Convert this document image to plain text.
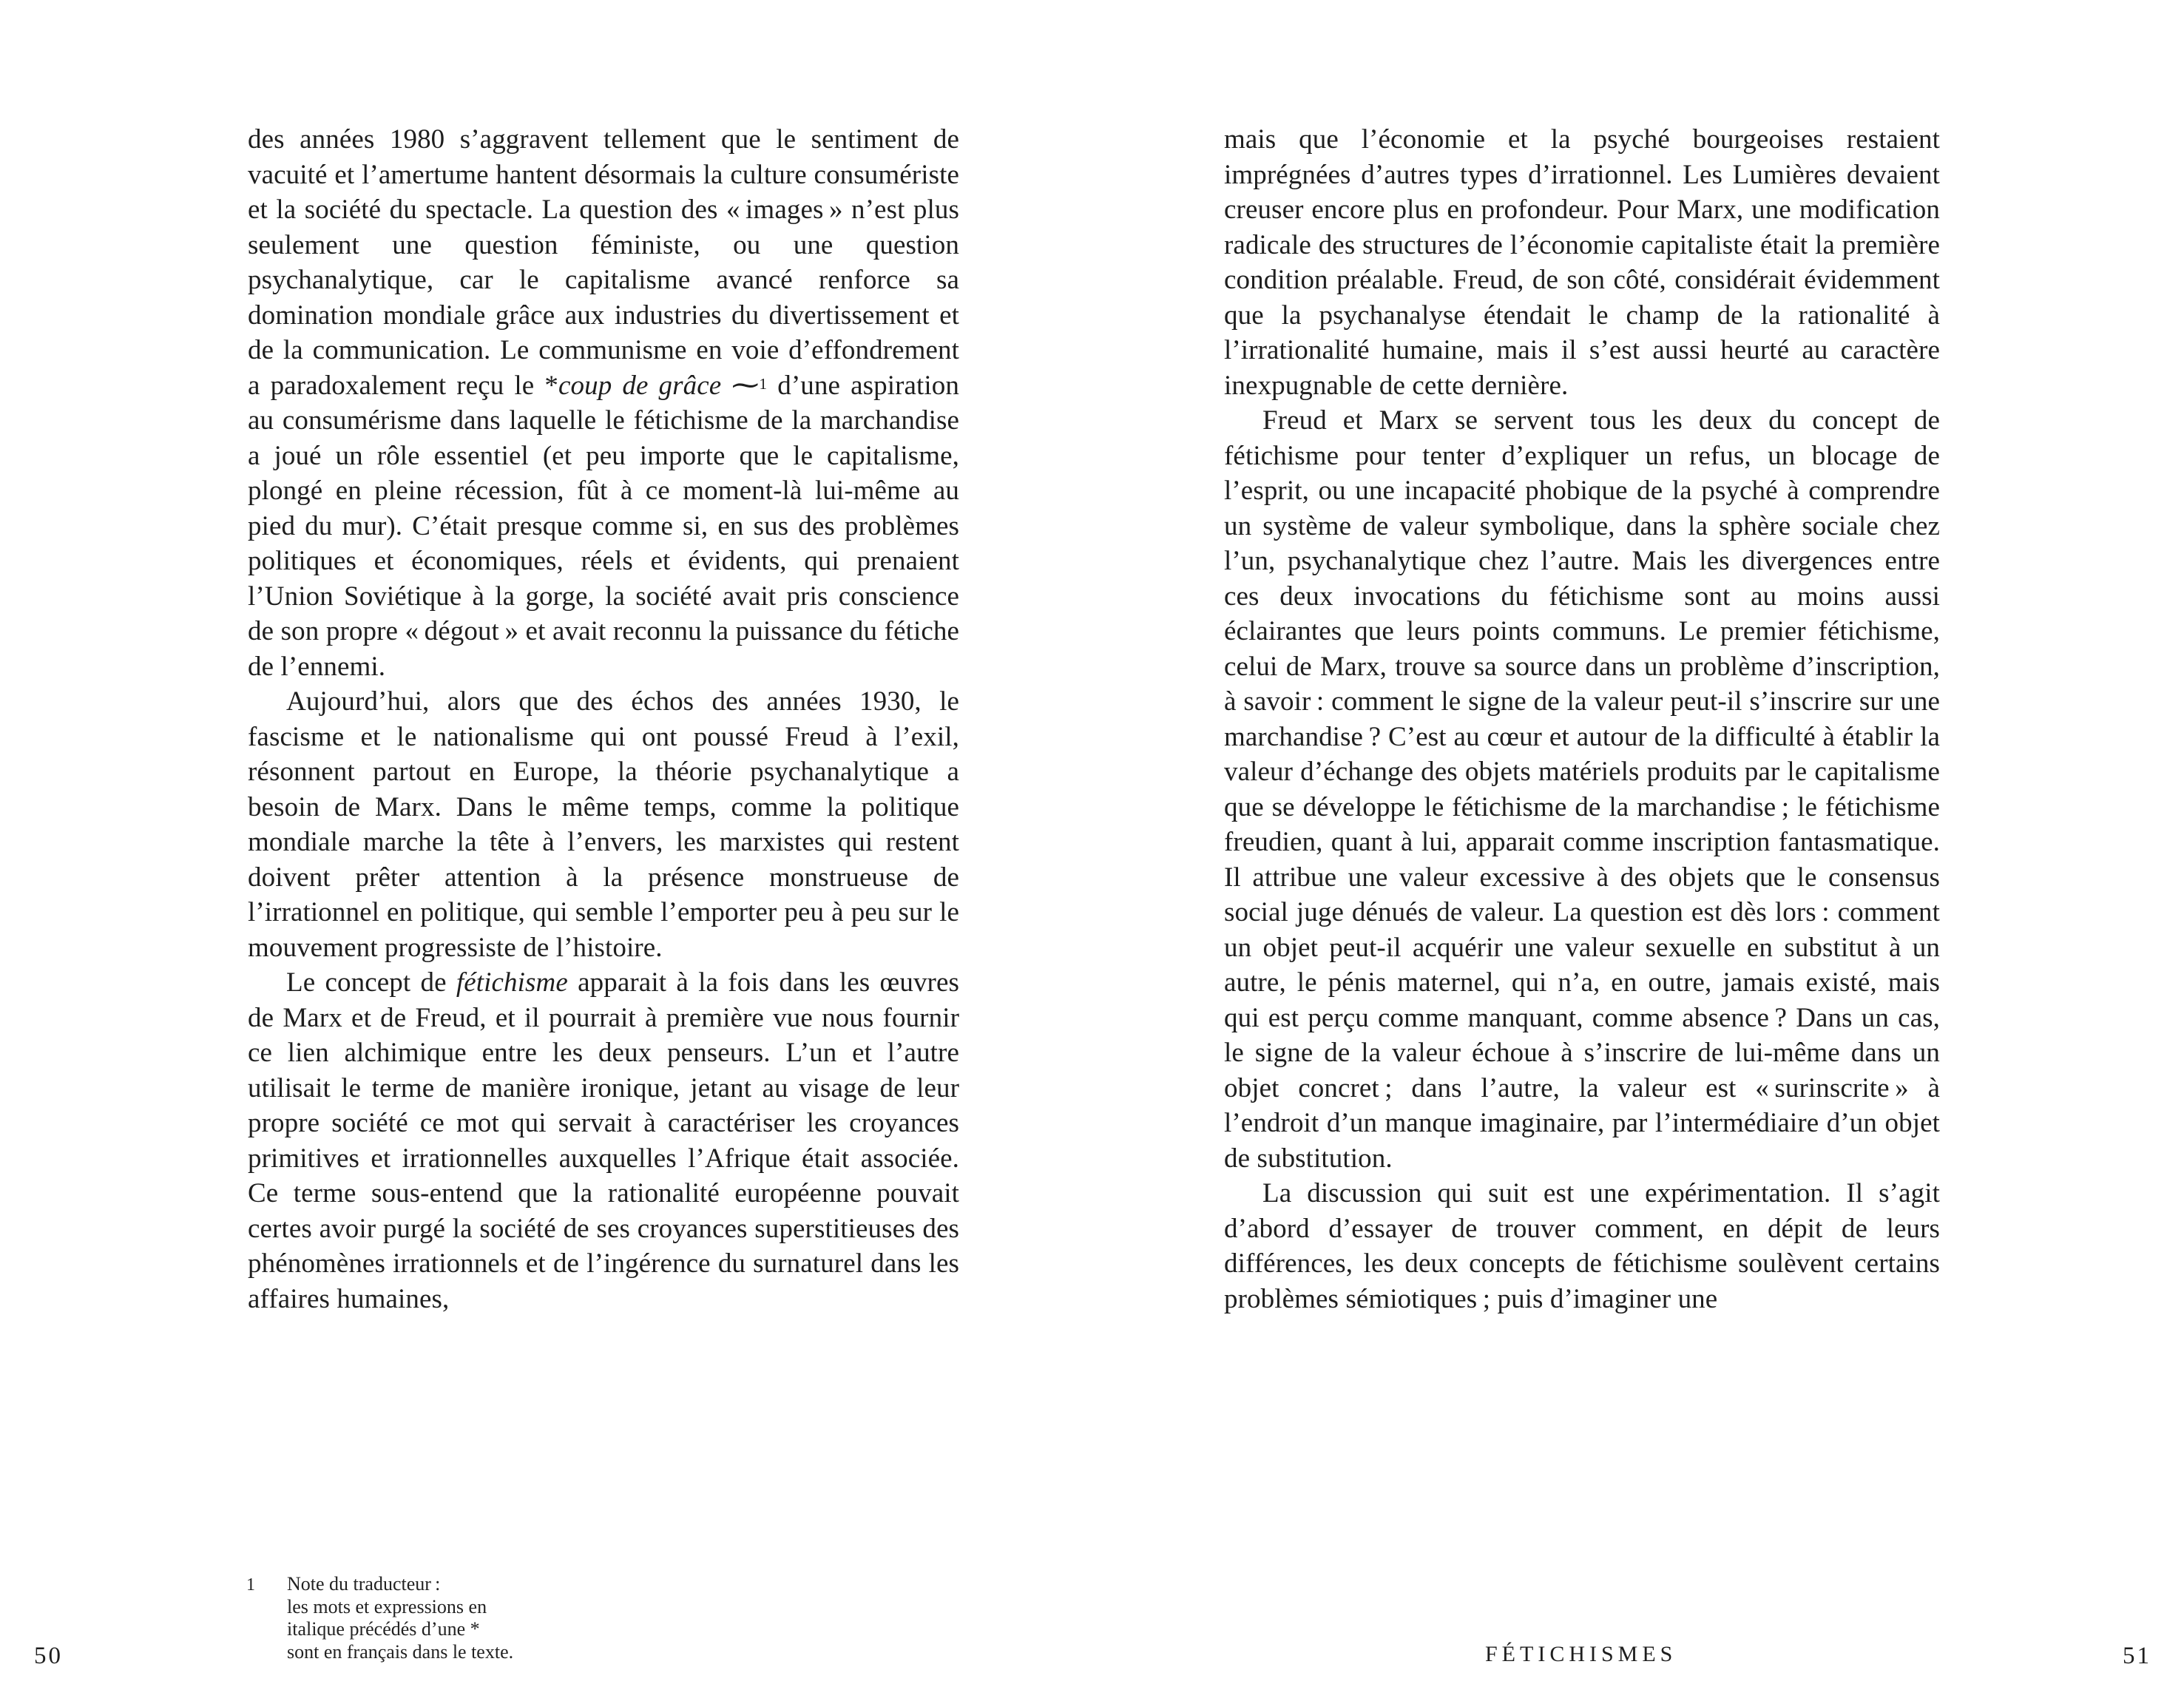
des années 1980 s’aggravent tellement que le sentiment de vacuité et l’amertume hantent désormais la culture consumériste et la société du spectacle. La question des « images » n’est plus seulement une question féministe, ou une question psychanalytique, car le capitalisme avancé renforce sa domination mondiale grâce aux industries du divertissement et de la communication. Le communisme en voie d’effondrement a paradoxalement reçu le *coup de grâce ⁓$^1$ d’une aspiration au consumérisme dans laquelle le fétichisme de la marchandise a joué un rôle essentiel (et peu importe que le capitalisme, plongé en pleine récession, fût à ce moment-là lui-même au pied du mur). C’était presque comme si, en sus des problèmes politiques et économiques, réels et évidents, qui prenaient l’Union Soviétique à la gorge, la société avait pris conscience de son propre « dégout » et avait reconnu la puissance du fétiche de l’ennemi.

Aujourd’hui, alors que des échos des années 1930, le fascisme et le nationalisme qui ont poussé Freud à l’exil, résonnent partout en Europe, la théorie psychanalytique a besoin de Marx. Dans le même temps, comme la politique mondiale marche la tête à l’envers, les marxistes qui restent doivent prêter attention à la présence monstrueuse de l’irrationnel en politique, qui semble l’emporter peu à peu sur le mouvement progressiste de l’histoire.

Le concept de fétichisme apparait à la fois dans les œuvres de Marx et de Freud, et il pourrait à première vue nous fournir ce lien alchimique entre les deux penseurs. L’un et l’autre utilisait le terme de manière ironique, jetant au visage de leur propre société ce mot qui servait à caractériser les croyances primitives et irrationnelles auxquelles l’Afrique était associée. Ce terme sous-entend que la rationalité européenne pouvait certes avoir purgé la société de ses croyances superstitieuses des phénomènes irrationnels et de l’ingérence du surnaturel dans les affaires humaines,

1 Note du traducteur :
les mots et expressions en
italique précédés d’une *
sont en français dans le texte.
50

mais que l’économie et la psyché bourgeoises restaient imprégnées d’autres types d’irrationnel. Les Lumières devaient creuser encore plus en profondeur. Pour Marx, une modification radicale des structures de l’économie capitaliste était la première condition préalable. Freud, de son côté, considérait évidemment que la psychanalyse étendait le champ de la rationalité à l’irrationalité humaine, mais il s’est aussi heurté au caractère inexpugnable de cette dernière.

Freud et Marx se servent tous les deux du concept de fétichisme pour tenter d’expliquer un refus, un blocage de l’esprit, ou une incapacité phobique de la psyché à comprendre un système de valeur symbolique, dans la sphère sociale chez l’un, psychanalytique chez l’autre. Mais les divergences entre ces deux invocations du fétichisme sont au moins aussi éclairantes que leurs points communs. Le premier fétichisme, celui de Marx, trouve sa source dans un problème d’inscription, à savoir : comment le signe de la valeur peut-il s’inscrire sur une marchandise ? C’est au cœur et autour de la difficulté à établir la valeur d’échange des objets matériels produits par le capitalisme que se développe le fétichisme de la marchandise ; le fétichisme freudien, quant à lui, apparait comme inscription fantasmatique. Il attribue une valeur excessive à des objets que le consensus social juge dénués de valeur. La question est dès lors : comment un objet peut-il acquérir une valeur sexuelle en substitut à un autre, le pénis maternel, qui n’a, en outre, jamais existé, mais qui est perçu comme manquant, comme absence ? Dans un cas, le signe de la valeur échoue à s’inscrire de lui-même dans un objet concret ; dans l’autre, la valeur est « surinscrite » à l’endroit d’un manque imaginaire, par l’intermédiaire d’un objet de substitution.

La discussion qui suit est une expérimentation. Il s’agit d’abord d’essayer de trouver comment, en dépit de leurs différences, les deux concepts de fétichisme soulèvent certains problèmes sémiotiques ; puis d’imaginer une

FÉTICHISMES	51
